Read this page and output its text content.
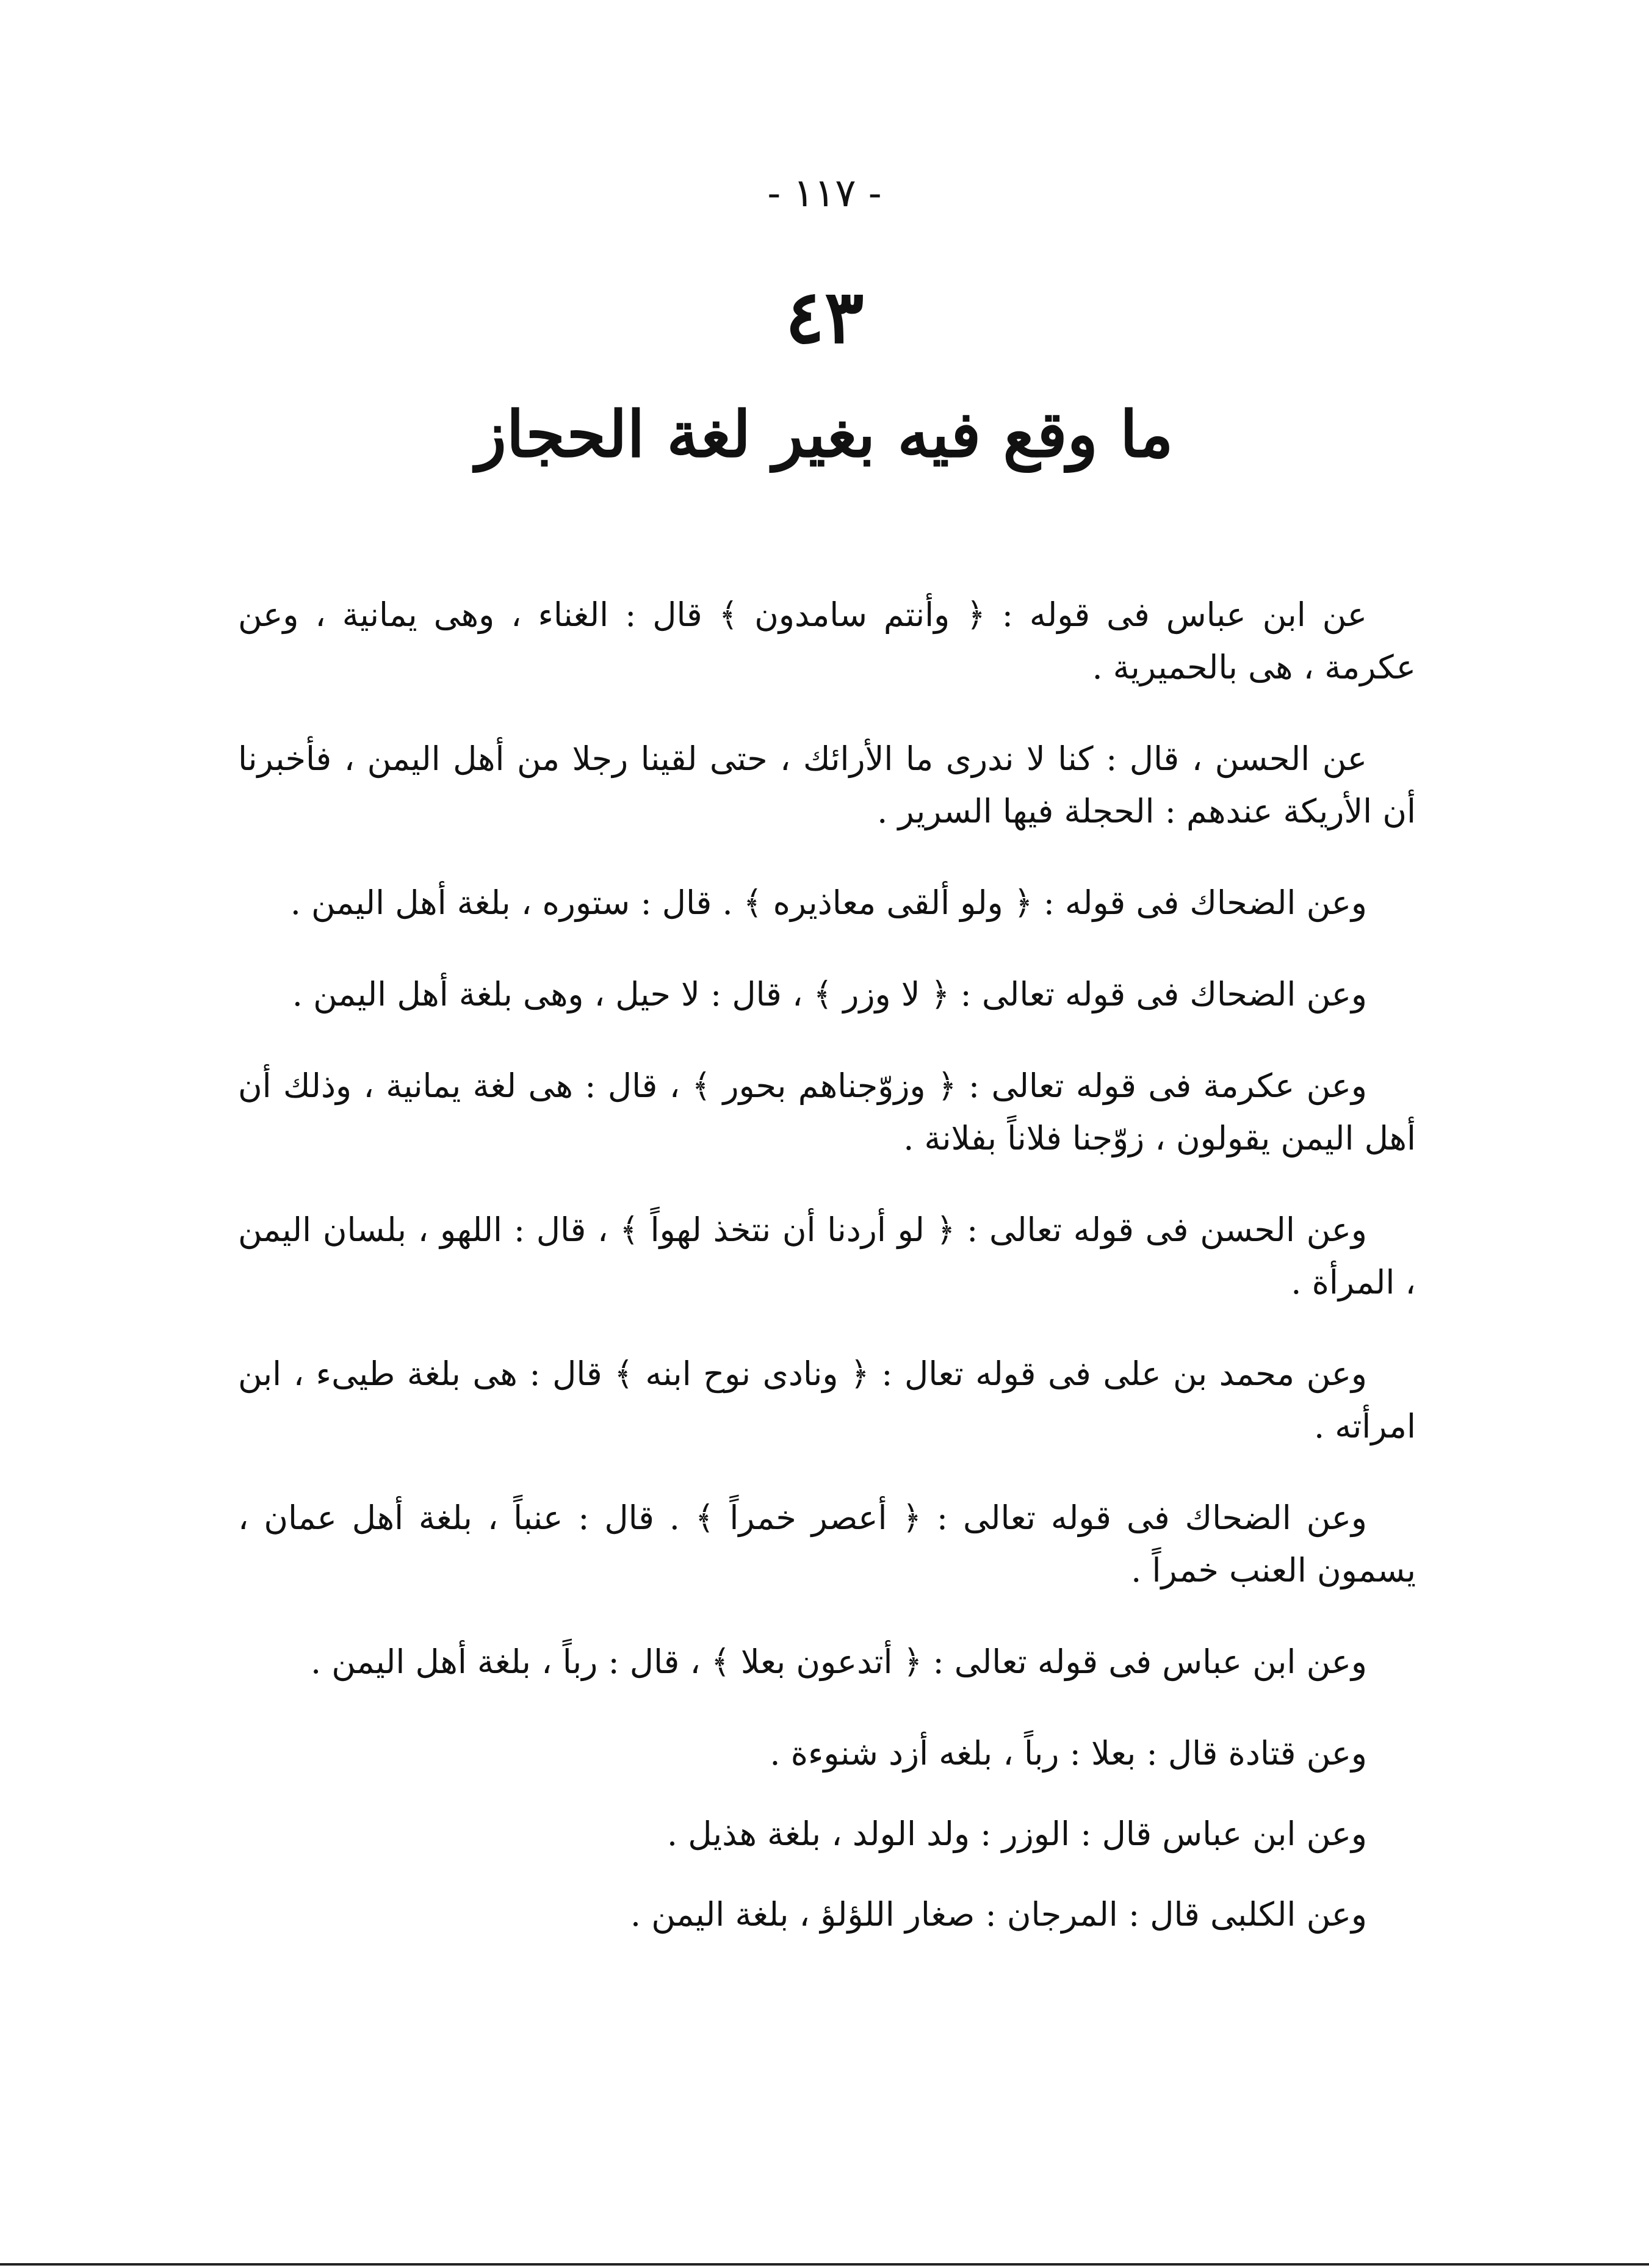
- ١١٧ -
٤٣
ما وقع فيه بغير لغة الحجاز

عن ابن عباس فى قوله : ﴿ وأنتم سامدون ﴾ قال : الغناء ، وهى يمانية ، وعن عكرمة ، هى بالحميرية .

عن الحسن ، قال : كنا لا ندرى ما الأرائك ، حتى لقينا رجلا من أهل اليمن ، فأخبرنا أن الأريكة عندهم : الحجلة فيها السرير .

وعن الضحاك فى قوله : ﴿ ولو ألقى معاذيره ﴾ . قال : ستوره ، بلغة أهل اليمن .

وعن الضحاك فى قوله تعالى : ﴿ لا وزر ﴾ ، قال : لا حيل ، وهى بلغة أهل اليمن .

وعن عكرمة فى قوله تعالى : ﴿ وزوّجناهم بحور ﴾ ، قال : هى لغة يمانية ، وذلك أن أهل اليمن يقولون ، زوّجنا فلاناً بفلانة .

وعن الحسن فى قوله تعالى : ﴿ لو أردنا أن نتخذ لهواً ﴾ ، قال : اللهو ، بلسان اليمن ، المرأة .

وعن محمد بن على فى قوله تعال : ﴿ ونادى نوح ابنه ﴾ قال : هى بلغة طيىء ، ابن امرأته .

وعن الضحاك فى قوله تعالى : ﴿ أعصر خمراً ﴾ . قال : عنباً ، بلغة أهل عمان ، يسمون العنب خمراً .

وعن ابن عباس فى قوله تعالى : ﴿ أتدعون بعلا ﴾ ، قال : رباً ، بلغة أهل اليمن .

وعن قتادة قال : بعلا : رباً ، بلغه أزد شنوءة .

وعن ابن عباس قال : الوزر : ولد الولد ، بلغة هذيل .

وعن الكلبى قال : المرجان : صغار اللؤلؤ ، بلغة اليمن .
